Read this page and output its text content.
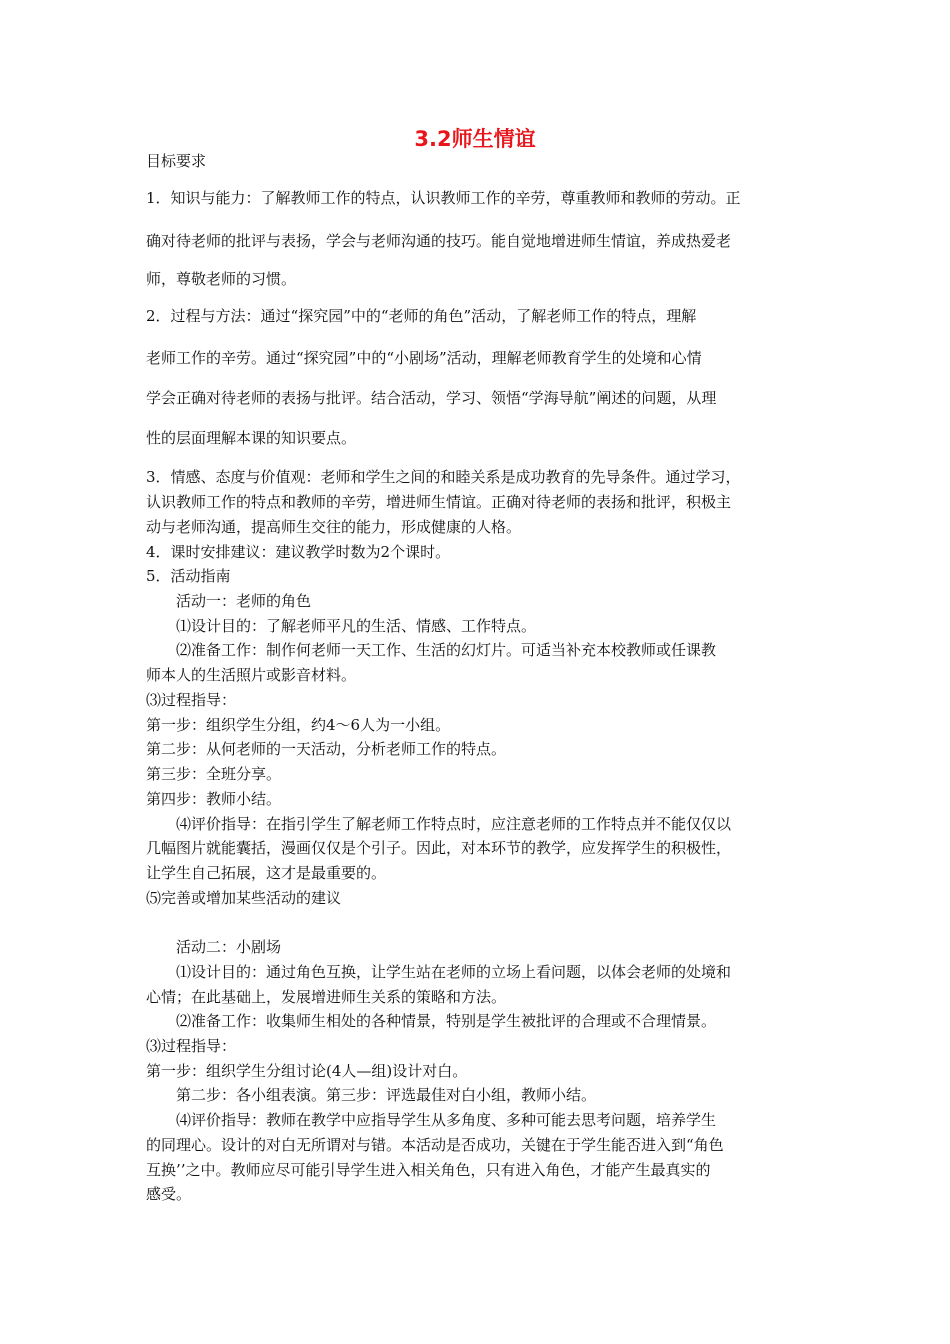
3.2师生情谊

目标要求

1．知识与能力：了解教师工作的特点，认识教师工作的辛劳，尊重教师和教师的劳动。正

确对待老师的批评与表扬，学会与老师沟通的技巧。能自觉地增进师生情谊，养成热爱老

师，尊敬老师的习惯。

2．过程与方法：通过“探究园”中的“老师的角色”活动，了解老师工作的特点，理解

老师工作的辛劳。通过“探究园”中的“小剧场”活动，理解老师教育学生的处境和心情

学会正确对待老师的表扬与批评。结合活动，学习、领悟“学海导航”阐述的问题，从理

性的层面理解本课的知识要点。

3．情感、态度与价值观：老师和学生之间的和睦关系是成功教育的先导条件。通过学习，

认识教师工作的特点和教师的辛劳，增进师生情谊。正确对待老师的表扬和批评，积极主

动与老师沟通，提高师生交往的能力，形成健康的人格。

4．课时安排建议：建议教学时数为2个课时。

5．活动指南

活动一：老师的角色

⑴设计目的：了解老师平凡的生活、情感、工作特点。

⑵准备工作：制作何老师一天工作、生活的幻灯片。可适当补充本校教师或任课教

师本人的生活照片或影音材料。

⑶过程指导：

第一步：组织学生分组，约4～6人为一小组。

第二步：从何老师的一天活动，分析老师工作的特点。

第三步：全班分享。

第四步：教师小结。

⑷评价指导：在指引学生了解老师工作特点时，应注意老师的工作特点并不能仅仅以

几幅图片就能囊括，漫画仅仅是个引子。因此，对本环节的教学，应发挥学生的积极性，

让学生自己拓展，这才是最重要的。

⑸完善或增加某些活动的建议

活动二：小剧场

⑴设计目的：通过角色互换，让学生站在老师的立场上看问题，以体会老师的处境和

心情；在此基础上，发展增进师生关系的策略和方法。

⑵准备工作：收集师生相处的各种情景，特别是学生被批评的合理或不合理情景。

⑶过程指导：

第一步：组织学生分组讨论(4人—组)设计对白。

第二步：各小组表演。第三步：评选最佳对白小组，教师小结。

⑷评价指导：教师在教学中应指导学生从多角度、多种可能去思考问题，培养学生

的同理心。设计的对白无所谓对与错。本活动是否成功，关键在于学生能否进入到“角色

互换’’之中。教师应尽可能引导学生进入相关角色，只有进入角色，才能产生最真实的

感受。
